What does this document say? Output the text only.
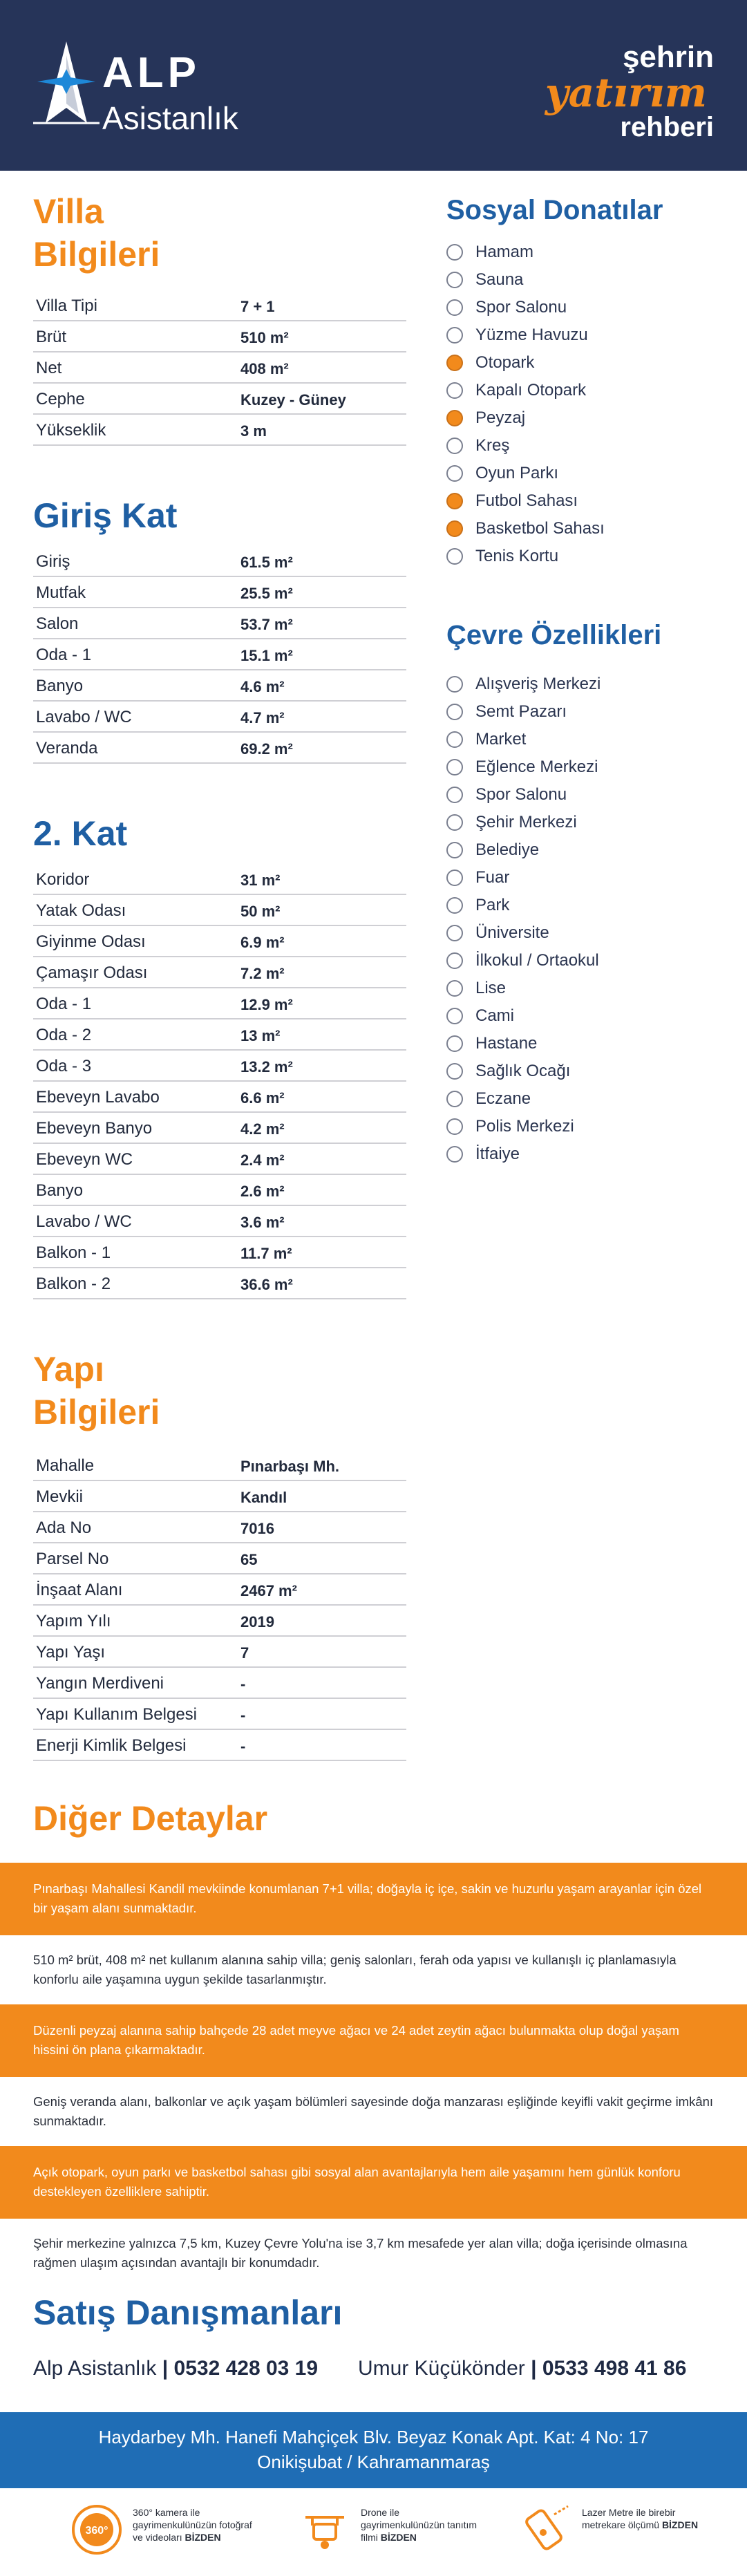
ALP
Asistanlık
şehrin
yatırım
rehberi
Villa
Bilgileri
Villa Tipi	7 + 1
Brüt	510 m²
Net	408 m²
Cephe	Kuzey - Güney
Yükseklik	3 m
Giriş Kat
Giriş	61.5 m²
Mutfak	25.5 m²
Salon	53.7 m²
Oda - 1	15.1 m²
Banyo	4.6 m²
Lavabo / WC	4.7 m²
Veranda	69.2 m²
2. Kat
Koridor	31 m²
Yatak Odası	50 m²
Giyinme Odası	6.9 m²
Çamaşır Odası	7.2 m²
Oda - 1	12.9 m²
Oda - 2	13 m²
Oda - 3	13.2 m²
Ebeveyn Lavabo	6.6 m²
Ebeveyn Banyo	4.2 m²
Ebeveyn WC	2.4 m²
Banyo	2.6 m²
Lavabo / WC	3.6 m²
Balkon - 1	11.7 m²
Balkon - 2	36.6 m²
Yapı
Bilgileri
Mahalle	Pınarbaşı Mh.
Mevkii	Kandıl
Ada No	7016
Parsel No	65
İnşaat Alanı	2467 m²
Yapım Yılı	2019
Yapı Yaşı	7
Yangın Merdiveni	-
Yapı Kullanım Belgesi	-
Enerji Kimlik Belgesi	-
Sosyal Donatılar
Hamam
Sauna
Spor Salonu
Yüzme Havuzu
Otopark
Kapalı Otopark
Peyzaj
Kreş
Oyun Parkı
Futbol Sahası
Basketbol Sahası
Tenis Kortu
Çevre Özellikleri
Alışveriş Merkezi
Semt Pazarı
Market
Eğlence Merkezi
Spor Salonu
Şehir Merkezi
Belediye
Fuar
Park
Üniversite
İlkokul / Ortaokul
Lise
Cami
Hastane
Sağlık Ocağı
Eczane
Polis Merkezi
İtfaiye
Diğer Detaylar

Pınarbaşı Mahallesi Kandil mevkiinde konumlanan 7+1 villa; doğayla iç içe, sakin ve huzurlu yaşam arayanlar için özel bir yaşam alanı sunmaktadır.

510 m² brüt, 408 m² net kullanım alanına sahip villa; geniş salonları, ferah oda yapısı ve kullanışlı iç planlamasıyla konforlu aile yaşamına uygun şekilde tasarlanmıştır.

Düzenli peyzaj alanına sahip bahçede 28 adet meyve ağacı ve 24 adet zeytin ağacı bulunmakta olup doğal yaşam hissini ön plana çıkarmaktadır.

Geniş veranda alanı, balkonlar ve açık yaşam bölümleri sayesinde doğa manzarası eşliğinde keyifli vakit geçirme imkânı sunmaktadır.

Açık otopark, oyun parkı ve basketbol sahası gibi sosyal alan avantajlarıyla hem aile yaşamını hem günlük konforu destekleyen özelliklere sahiptir.

Şehir merkezine yalnızca 7,5 km, Kuzey Çevre Yolu'na ise 3,7 km mesafede yer alan villa; doğa içerisinde olmasına rağmen ulaşım açısından avantajlı bir konumdadır.

Satış Danışmanları
Alp Asistanlık | 0532 428 03 19 Umur Küçükönder | 0533 498 41 86
Haydarbey Mh. Hanefi Mahçiçek Blv. Beyaz Konak Apt. Kat: 4 No: 17
Onikişubat / Kahramanmaraş
360°
360° kamera ile gayrimenkulünüzün fotoğraf ve videoları BİZDEN
Drone ile gayrimenkulünüzün tanıtım filmi BİZDEN
Lazer Metre ile birebir metrekare ölçümü BİZDEN
